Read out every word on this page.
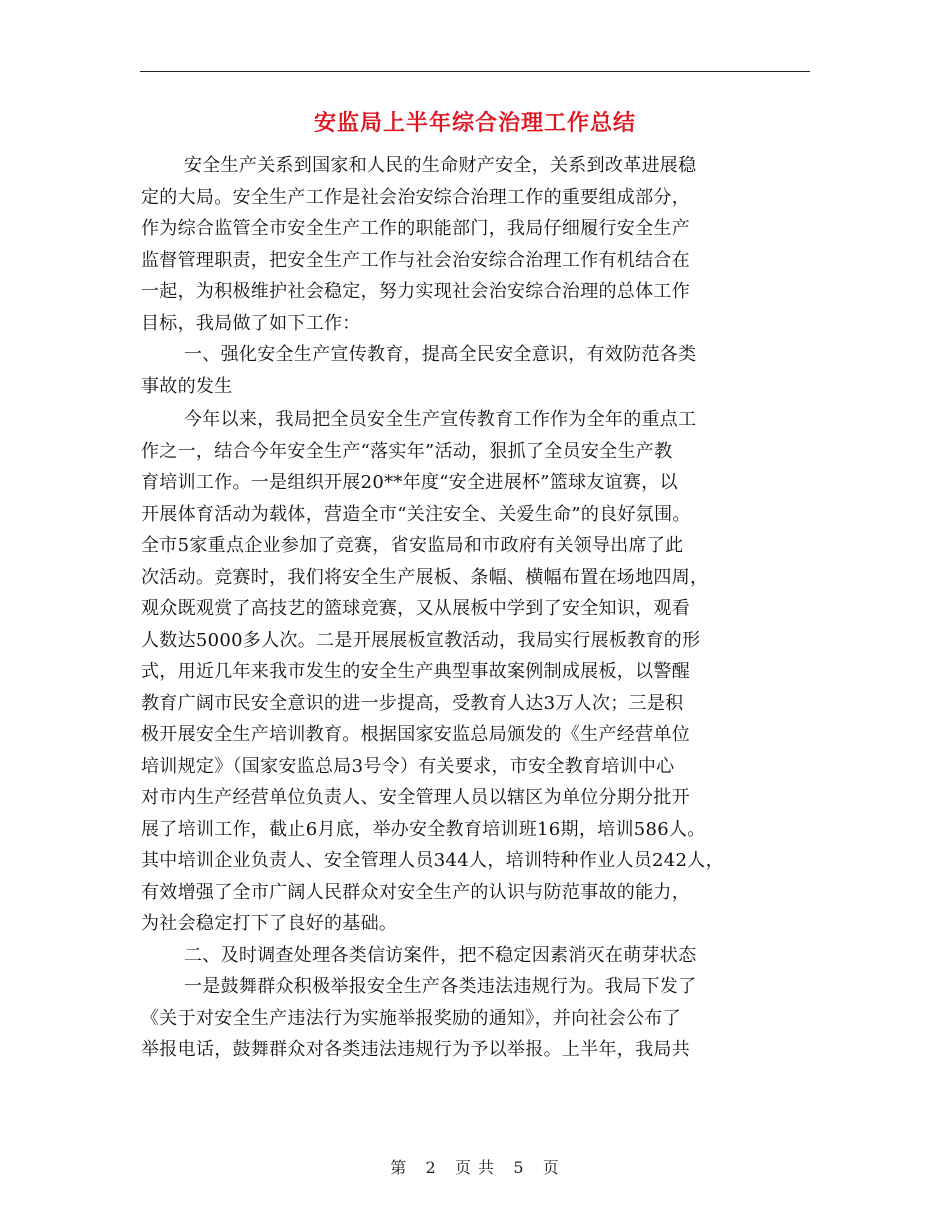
安监局上半年综合治理工作总结
安全生产关系到国家和人民的生命财产安全，关系到改革进展稳
定的大局。安全生产工作是社会治安综合治理工作的重要组成部分，
作为综合监管全市安全生产工作的职能部门，我局仔细履行安全生产
监督管理职责，把安全生产工作与社会治安综合治理工作有机结合在
一起，为积极维护社会稳定，努力实现社会治安综合治理的总体工作
目标，我局做了如下工作：
一、强化安全生产宣传教育，提高全民安全意识，有效防范各类
事故的发生
今年以来，我局把全员安全生产宣传教育工作作为全年的重点工
作之一，结合今年安全生产“落实年”活动，狠抓了全员安全生产教
育培训工作。一是组织开展20**年度“安全进展杯”篮球友谊赛，以
开展体育活动为载体，营造全市“关注安全、关爱生命”的良好氛围。
全市5家重点企业参加了竞赛，省安监局和市政府有关领导出席了此
次活动。竞赛时，我们将安全生产展板、条幅、横幅布置在场地四周，
观众既观赏了高技艺的篮球竞赛，又从展板中学到了安全知识，观看
人数达5000多人次。二是开展展板宣教活动，我局实行展板教育的形
式，用近几年来我市发生的安全生产典型事故案例制成展板，以警醒
教育广阔市民安全意识的进一步提高，受教育人达3万人次；三是积
极开展安全生产培训教育。根据国家安监总局颁发的《生产经营单位
培训规定》（国家安监总局3号令）有关要求，市安全教育培训中心
对市内生产经营单位负责人、安全管理人员以辖区为单位分期分批开
展了培训工作，截止6月底，举办安全教育培训班16期，培训586人。
其中培训企业负责人、安全管理人员344人，培训特种作业人员242人，
有效增强了全市广阔人民群众对安全生产的认识与防范事故的能力，
为社会稳定打下了良好的基础。
二、及时调查处理各类信访案件，把不稳定因素消灭在萌芽状态
一是鼓舞群众积极举报安全生产各类违法违规行为。我局下发了
《关于对安全生产违法行为实施举报奖励的通知》，并向社会公布了
举报电话，鼓舞群众对各类违法违规行为予以举报。上半年，我局共
第 2 页 共 5 页
